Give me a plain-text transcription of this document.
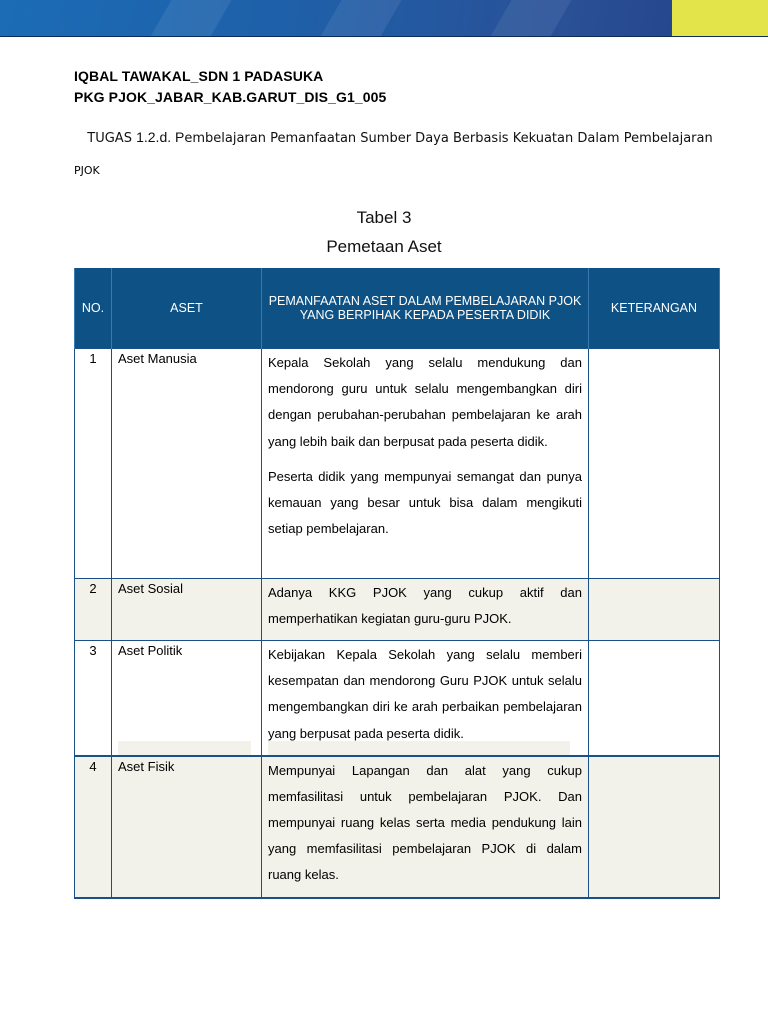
IQBAL TAWAKAL_SDN 1 PADASUKA
PKG PJOK_JABAR_KAB.GARUT_DIS_G1_005
TUGAS 1.2.d. Pembelajaran Pemanfaatan Sumber Daya Berbasis Kekuatan Dalam Pembelajaran
PJOK
Tabel 3
Pemetaan Aset
NO.	ASET	PEMANFAATAN ASET DALAM PEMBELAJARAN PJOK YANG BERPIHAK KEPADA PESERTA DIDIK	KETERANGAN
1	Aset Manusia	Kepala Sekolah yang selalu mendukung dan mendorong guru untuk selalu mengembangkan diri dengan perubahan-perubahan pembelajaran ke arah yang lebih baik dan berpusat pada peserta didik.

Peserta didik yang mempunyai semangat dan punya kemauan yang besar untuk bisa dalam mengikuti setiap pembelajaran.	

2	Aset Sosial	Adanya KKG PJOK yang cukup aktif dan memperhatikan kegiatan guru-guru PJOK.	
3	Aset Politik	Kebijakan Kepala Sekolah yang selalu memberi kesempatan dan mendorong Guru PJOK untuk selalu mengembangkan diri ke arah perbaikan pembelajaran yang berpusat pada peserta didik.

4	Aset Fisik	Mempunyai Lapangan dan alat yang cukup memfasilitasi untuk pembelajaran PJOK. Dan mempunyai ruang kelas serta media pendukung lain yang memfasilitasi pembelajaran PJOK di dalam ruang kelas.	
